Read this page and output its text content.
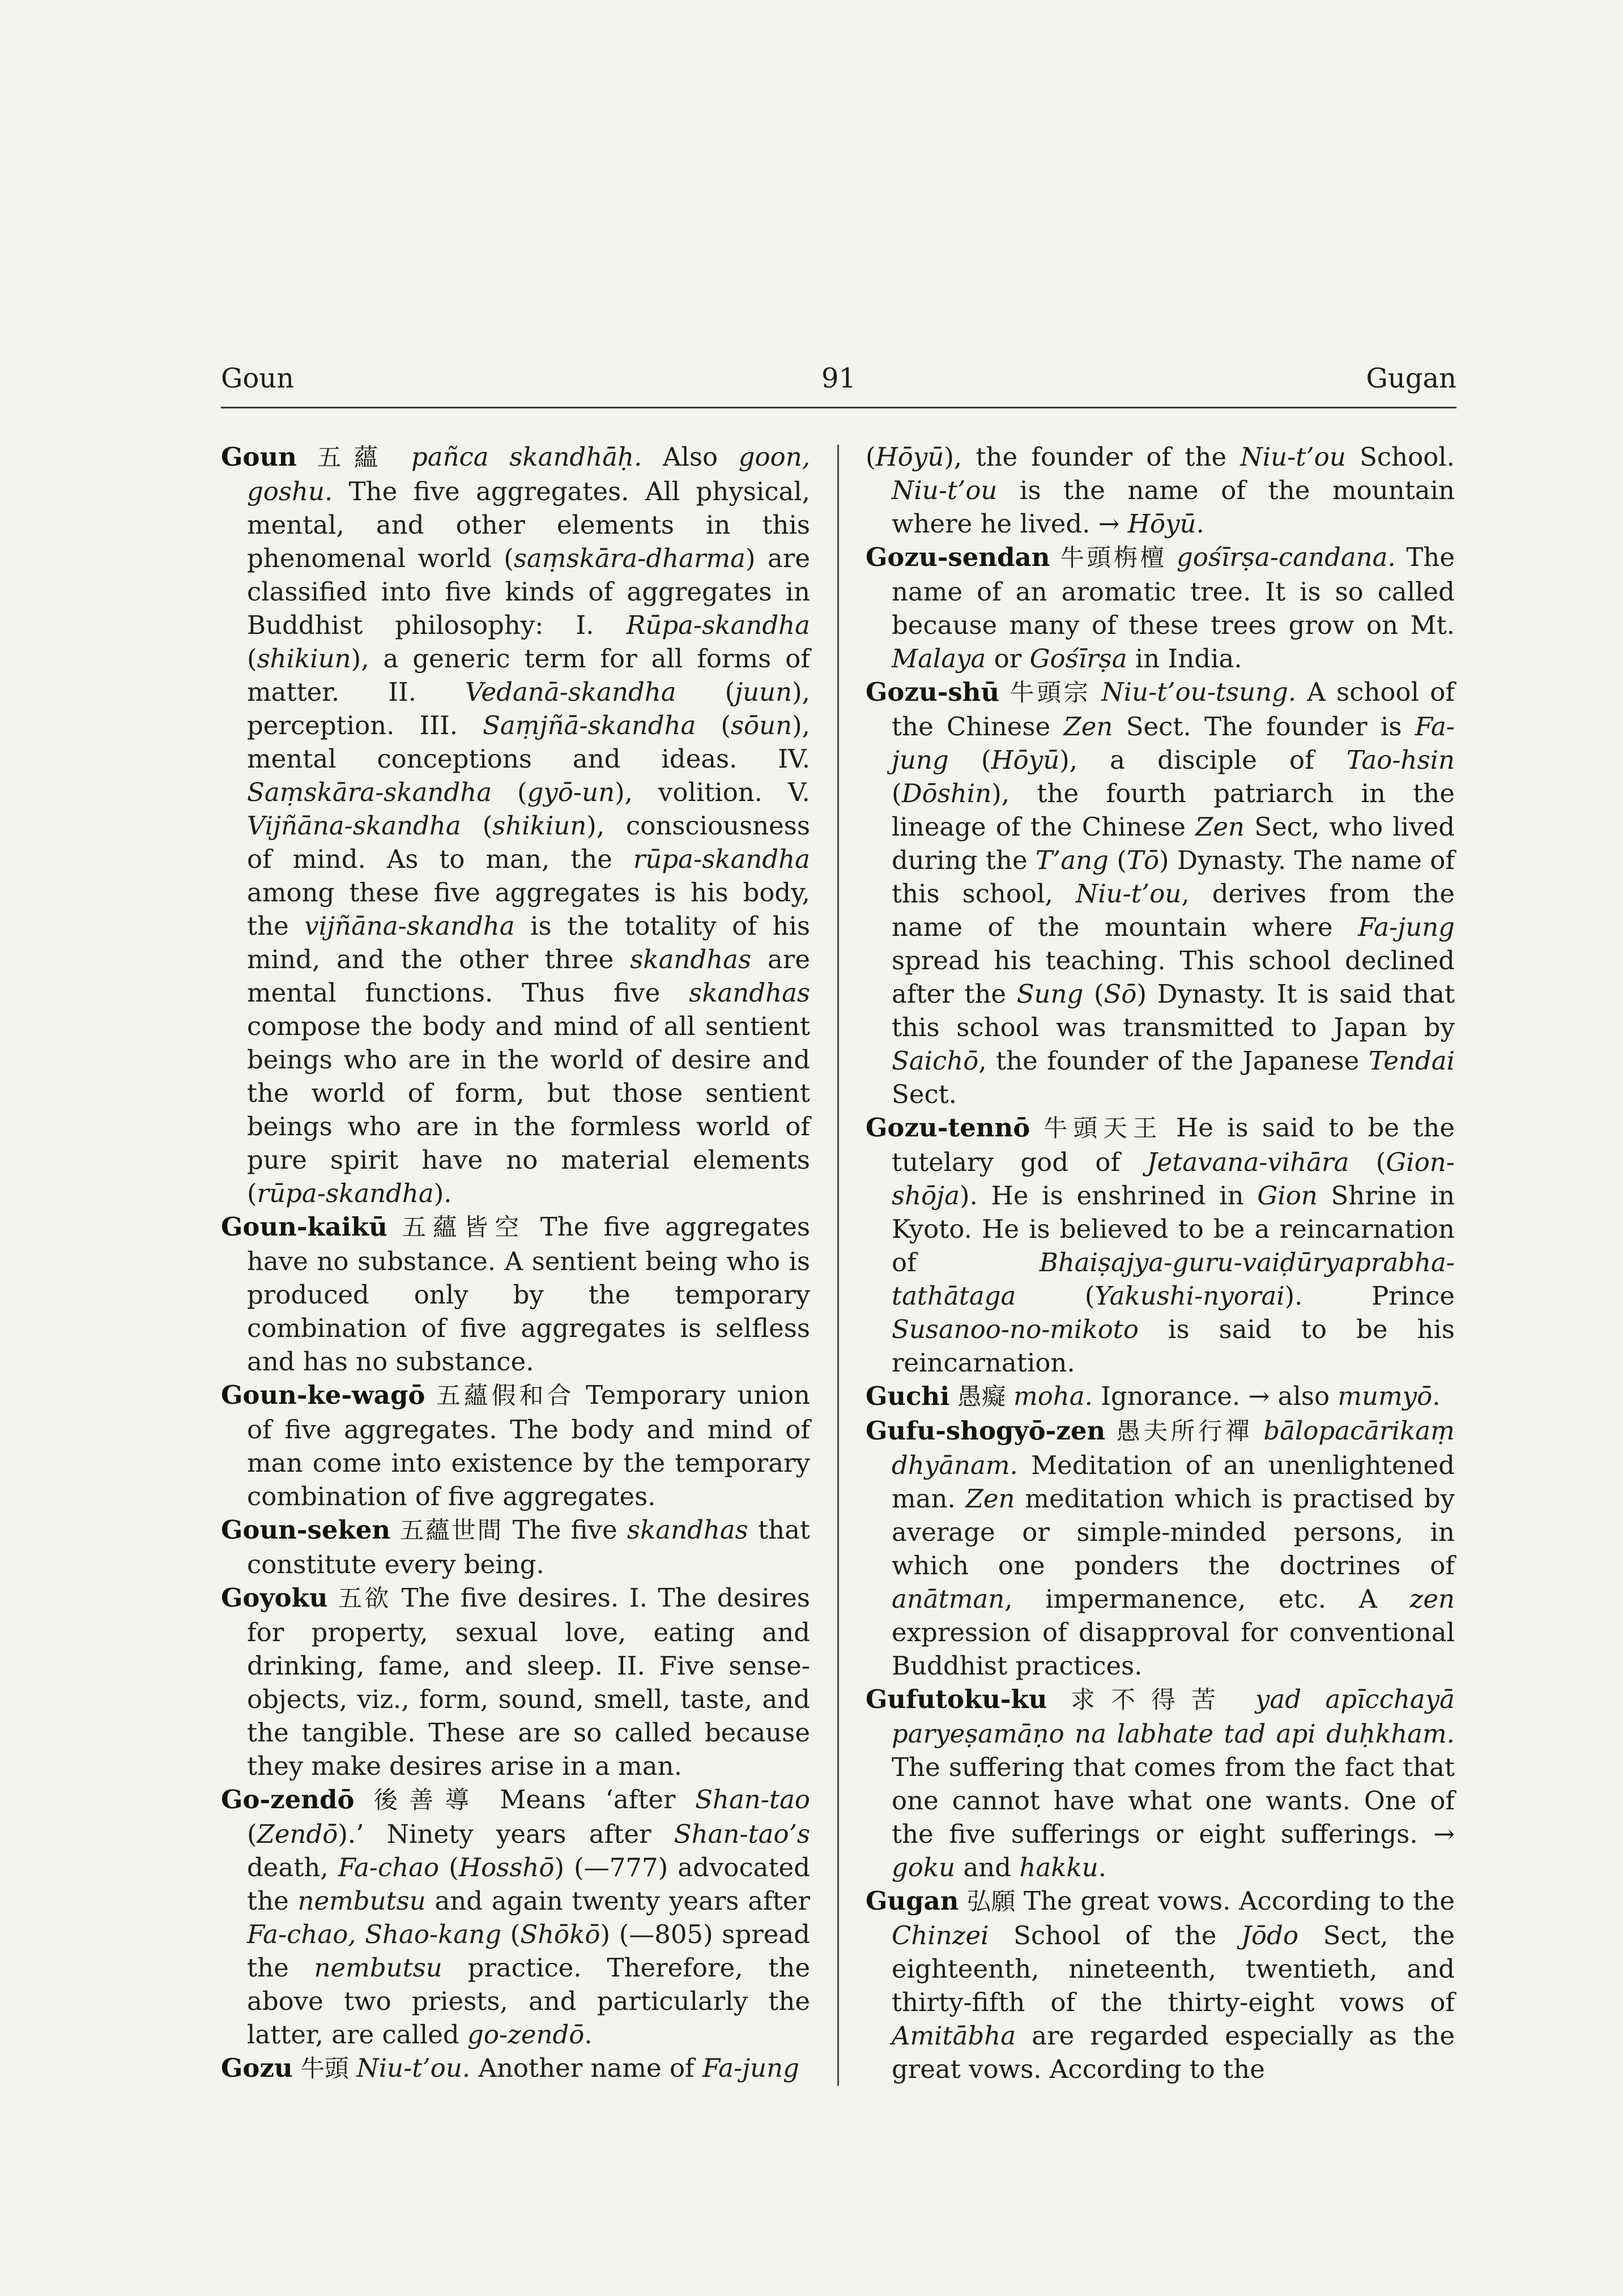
Goun	91	Gugan

Goun 五蘊 pañca skandhāḥ. Also goon, goshu. The five aggregates. All physical, mental, and other elements in this phenomenal world (saṃskāra-dharma) are classified into five kinds of aggregates in Buddhist philosophy: I. Rūpa-skandha (shikiun), a generic term for all forms of matter. II. Vedanā-skandha (juun), perception. III. Saṃjñā-skandha (sōun), mental conceptions and ideas. IV. Saṃskāra-skandha (gyō-un), volition. V. Vijñāna-skandha (shikiun), consciousness of mind. As to man, the rūpa-skandha among these five aggregates is his body, the vijñāna-skandha is the totality of his mind, and the other three skandhas are mental functions. Thus five skandhas compose the body and mind of all sentient beings who are in the world of desire and the world of form, but those sentient beings who are in the formless world of pure spirit have no material elements (rūpa-skandha).

Goun-kaikū 五蘊皆空 The five aggregates have no substance. A sentient being who is produced only by the temporary combination of five aggregates is selfless and has no substance.

Goun-ke-wagō 五蘊假和合 Temporary union of five aggregates. The body and mind of man come into existence by the temporary combination of five aggregates.

Goun-seken 五蘊世間 The five skandhas that constitute every being.

Goyoku 五欲 The five desires. I. The desires for property, sexual love, eating and drinking, fame, and sleep. II. Five sense-objects, viz., form, sound, smell, taste, and the tangible. These are so called because they make desires arise in a man.

Go-zendō 後善導 Means ‘after Shan-tao (Zendō).’ Ninety years after Shan-tao’s death, Fa-chao (Hosshō) (—777) advocated the nembutsu and again twenty years after Fa-chao, Shao-kang (Shōkō) (—805) spread the nembutsu practice. Therefore, the above two priests, and particularly the latter, are called go-zendō.

Gozu 牛頭 Niu-t’ou. Another name of Fa-jung

(Hōyū), the founder of the Niu-t’ou School. Niu-t’ou is the name of the mountain where he lived. → Hōyū.

Gozu-sendan 牛頭栴檀 gośīrṣa-candana. The name of an aromatic tree. It is so called because many of these trees grow on Mt. Malaya or Gośīrṣa in India.

Gozu-shū 牛頭宗 Niu-t’ou-tsung. A school of the Chinese Zen Sect. The founder is Fa-jung (Hōyū), a disciple of Tao-hsin (Dōshin), the fourth patriarch in the lineage of the Chinese Zen Sect, who lived during the T’ang (Tō) Dynasty. The name of this school, Niu-t’ou, derives from the name of the mountain where Fa-jung spread his teaching. This school declined after the Sung (Sō) Dynasty. It is said that this school was transmitted to Japan by Saichō, the founder of the Japanese Tendai Sect.

Gozu-tennō 牛頭天王 He is said to be the tutelary god of Jetavana-vihāra (Gion-shōja). He is enshrined in Gion Shrine in Kyoto. He is believed to be a reincarnation of Bhaiṣajya-guru-vaiḍūryaprabha-tathātaga (Yakushi-nyorai). Prince Susanoo-no-mikoto is said to be his reincarnation.

Guchi 愚癡 moha. Ignorance. → also mumyō.

Gufu-shogyō-zen 愚夫所行禪 bālopacārikaṃ dhyānam. Meditation of an unenlightened man. Zen meditation which is practised by average or simple-minded persons, in which one ponders the doctrines of anātman, impermanence, etc. A zen expression of disapproval for conventional Buddhist practices.

Gufutoku-ku 求不得苦 yad apīcchayā paryeṣamāṇo na labhate tad api duḥkham. The suffering that comes from the fact that one cannot have what one wants. One of the five sufferings or eight sufferings. → goku and hakku.

Gugan 弘願 The great vows. According to the Chinzei School of the Jōdo Sect, the eighteenth, nineteenth, twentieth, and thirty-fifth of the thirty-eight vows of Amitābha are regarded especially as the great vows. According to the
